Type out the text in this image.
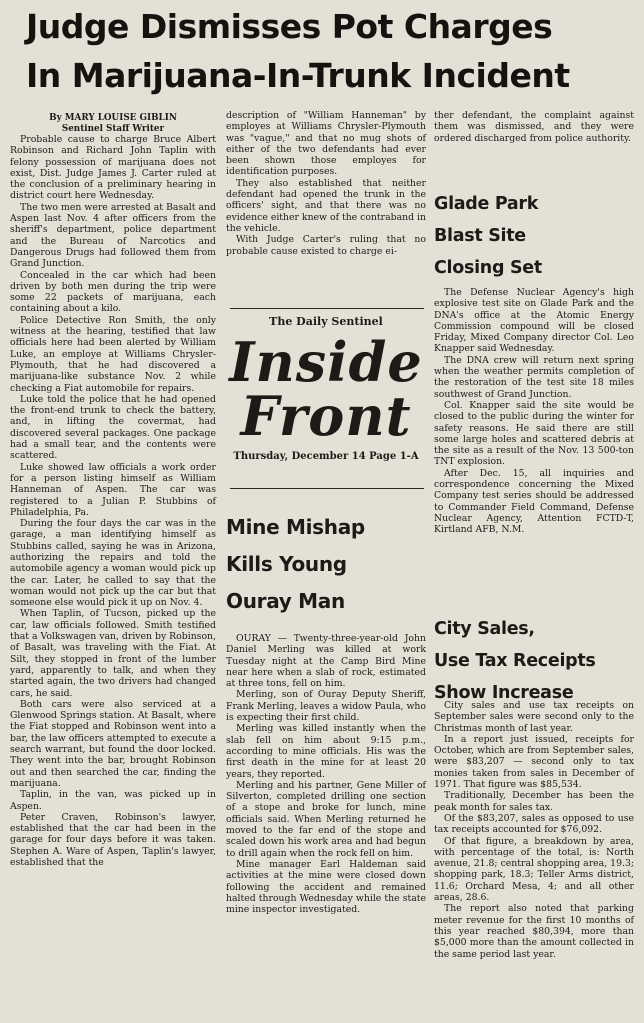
Judge Dismisses Pot Charges
In Marijuana-In-Trunk Incident
By MARY LOUISE GIBLIN
Sentinel Staff Writer

Probable cause to charge Bruce Albert Robinson and Richard John Taplin with felony possession of marijuana does not exist, Dist. Judge James J. Carter ruled at the conclusion of a preliminary hearing in district court here Wednesday.

The two men were arrested at Basalt and Aspen last Nov. 4 after officers from the sheriff's department, police department and the Bureau of Narcotics and Dangerous Drugs had followed them from Grand Junction.

Concealed in the car which had been driven by both men during the trip were some 22 packets of marijuana, each containing about a kilo.

Police Detective Ron Smith, the only witness at the hearing, testified that law officials here had been alerted by William Luke, an employe at Williams Chrysler-Plymouth, that he had discovered a marijuana-like substance Nov. 2 while checking a Fiat automobile for repairs.

Luke told the police that he had opened the front-end trunk to check the battery, and, in lifting the covermat, had discovered several packages. One package had a small tear, and the contents were scattered.

Luke showed law officials a work order for a person listing himself as William Hanneman of Aspen. The car was registered to a Julian P. Stubbins of Philadelphia, Pa.

During the four days the car was in the garage, a man identifying himself as Stubbins called, saying he was in Arizona, authorizing the repairs and told the automobile agency a woman would pick up the car. Later, he called to say that the woman would not pick up the car but that someone else would pick it up on Nov. 4.

When Taplin, of Tucson, picked up the car, law officials followed. Smith testified that a Volkswagen van, driven by Robinson, of Basalt, was traveling with the Fiat. At Silt, they stopped in front of the lumber yard, apparently to talk, and when they started again, the two drivers had changed cars, he said.

Both cars were also serviced at a Glenwood Springs station. At Basalt, where the Fiat stopped and Robinson went into a bar, the law officers attempted to execute a search warrant, but found the door locked. They went into the bar, brought Robinson out and then searched the car, finding the marijuana.

Taplin, in the van, was picked up in Aspen.

Peter Craven, Robinson's lawyer, established that the car had been in the garage for four days before it was taken. Stephen A. Ware of Aspen, Taplin's lawyer, established that the

description of "William Hanneman" by employes at Williams Chrysler-Plymouth was "vague," and that no mug shots of either of the two defendants had ever been shown those employes for identification purposes.

They also established that neither defendant had opened the trunk in the officers' sight, and that there was no evidence either knew of the contraband in the vehicle.

With Judge Carter's ruling that no probable cause existed to charge ei-

ther defendant, the complaint against them was dismissed, and they were ordered discharged from police authority.

Glade Park
Blast Site
Closing Set

The Defense Nuclear Agency's high explosive test site on Glade Park and the DNA's office at the Atomic Energy Commission compound will be closed Friday, Mixed Company director Col. Leo Knapper said Wednesday.

The DNA crew will return next spring when the weather permits completion of the restoration of the test site 18 miles southwest of Grand Junction.

Col. Knapper said the site would be closed to the public during the winter for safety reasons. He said there are still some large holes and scattered debris at the site as a result of the Nov. 13 500-ton TNT explosion.

After Dec. 15, all inquiries and correspondence concerning the Mixed Company test series should be addressed to Commander Field Command, Defense Nuclear Agency, Attention FCTD-T, Kirtland AFB, N.M.

The Daily Sentinel
Inside
Front
Thursday, December 14 Page 1-A
Mine Mishap
Kills Young
Ouray Man

OURAY — Twenty-three-year-old John Daniel Merling was killed at work Tuesday night at the Camp Bird Mine near here when a slab of rock, estimated at three tons, fell on him.

Merling, son of Ouray Deputy Sheriff, Frank Merling, leaves a widow Paula, who is expecting their first child.

Merling was killed instantly when the slab fell on him about 9:15 p.m., according to mine officials. His was the first death in the mine for at least 20 years, they reported.

Merling and his partner, Gene Miller of Silverton, completed drilling one section of a stope and broke for lunch, mine officials said. When Merling returned he moved to the far end of the stope and scaled down his work area and had begun to drill again when the rock fell on him.

Mine manager Earl Haldeman said activities at the mine were closed down following the accident and remained halted through Wednesday while the state mine inspector investigated.

City Sales,
Use Tax Receipts
Show Increase

City sales and use tax receipts on September sales were second only to the Christmas month of last year.

In a report just issued, receipts for October, which are from September sales, were $83,207 — second only to tax monies taken from sales in December of 1971. That figure was $85,534.

Traditionally, December has been the peak month for sales tax.

Of the $83,207, sales as opposed to use tax receipts accounted for $76,092.

Of that figure, a breakdown by area, with percentage of the total, is: North avenue, 21.8; central shopping area, 19.3; shopping park, 18.3; Teller Arms district, 11.6; Orchard Mesa, 4; and all other areas, 28.6.

The report also noted that parking meter revenue for the first 10 months of this year reached $80,394, more than $5,000 more than the amount collected in the same period last year.
